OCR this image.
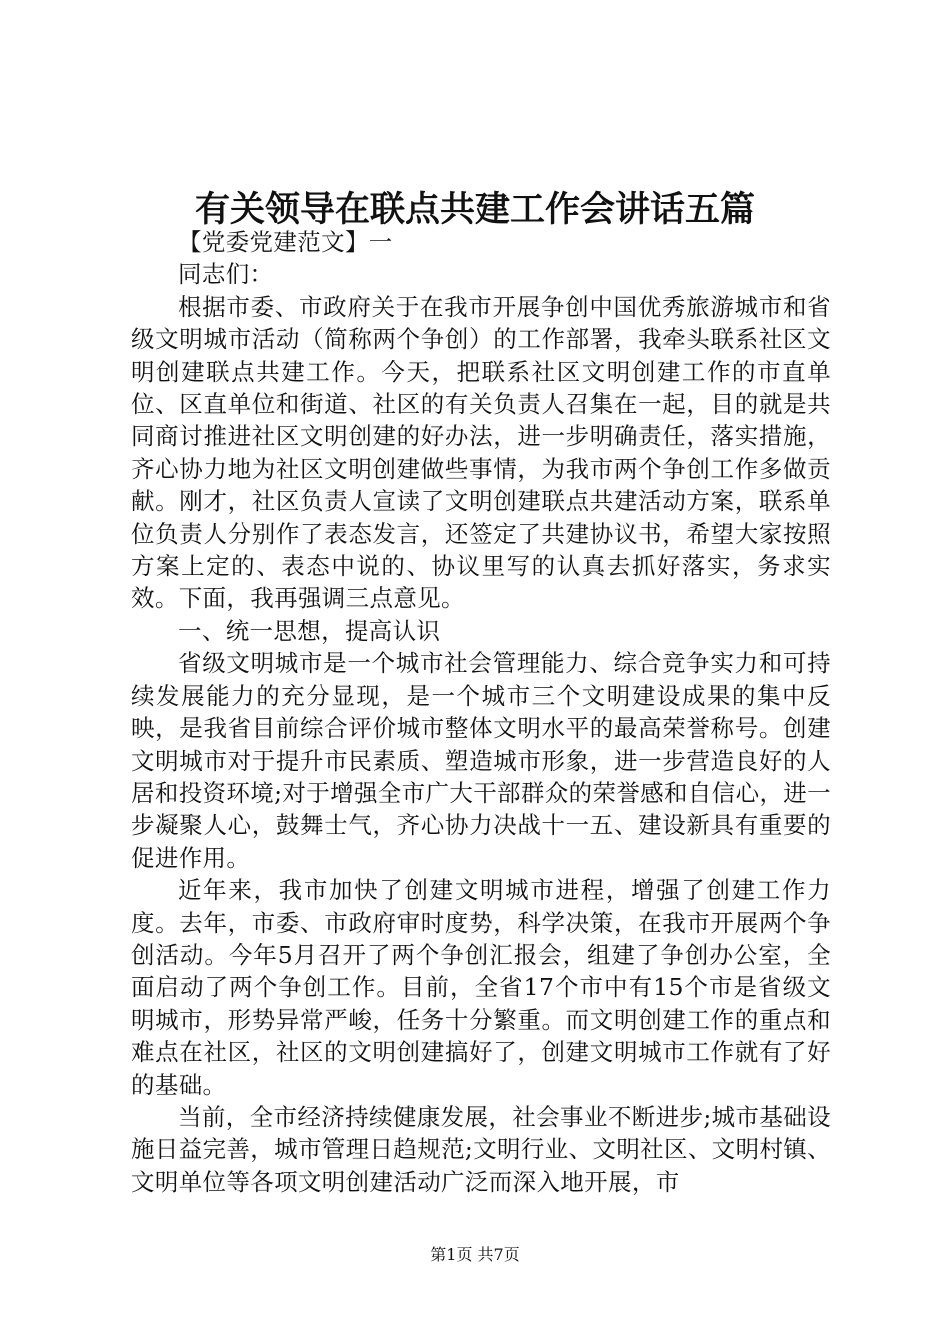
有关领导在联点共建工作会讲话五篇

【党委党建范文】一

同志们：

根据市委、市政府关于在我市开展争创中国优秀旅游城市和省级文明城市活动（简称两个争创）的工作部署，我牵头联系社区文明创建联点共建工作。今天，把联系社区文明创建工作的市直单位、区直单位和街道、社区的有关负责人召集在一起，目的就是共同商讨推进社区文明创建的好办法，进一步明确责任，落实措施，齐心协力地为社区文明创建做些事情，为我市两个争创工作多做贡献。刚才，社区负责人宣读了文明创建联点共建活动方案，联系单位负责人分别作了表态发言，还签定了共建协议书，希望大家按照方案上定的、表态中说的、协议里写的认真去抓好落实，务求实效。下面，我再强调三点意见。

一、统一思想，提高认识

省级文明城市是一个城市社会管理能力、综合竞争实力和可持续发展能力的充分显现，是一个城市三个文明建设成果的集中反映，是我省目前综合评价城市整体文明水平的最高荣誉称号。创建文明城市对于提升市民素质、塑造城市形象，进一步营造良好的人居和投资环境;对于增强全市广大干部群众的荣誉感和自信心，进一步凝聚人心，鼓舞士气，齐心协力决战十一五、建设新具有重要的促进作用。

近年来，我市加快了创建文明城市进程，增强了创建工作力度。去年，市委、市政府审时度势，科学决策，在我市开展两个争创活动。今年5月召开了两个争创汇报会，组建了争创办公室，全面启动了两个争创工作。目前，全省17个市中有15个市是省级文明城市，形势异常严峻，任务十分繁重。而文明创建工作的重点和难点在社区，社区的文明创建搞好了，创建文明城市工作就有了好的基础。

当前，全市经济持续健康发展，社会事业不断进步;城市基础设施日益完善，城市管理日趋规范;文明行业、文明社区、文明村镇、文明单位等各项文明创建活动广泛而深入地开展，市

第1页 共7页
